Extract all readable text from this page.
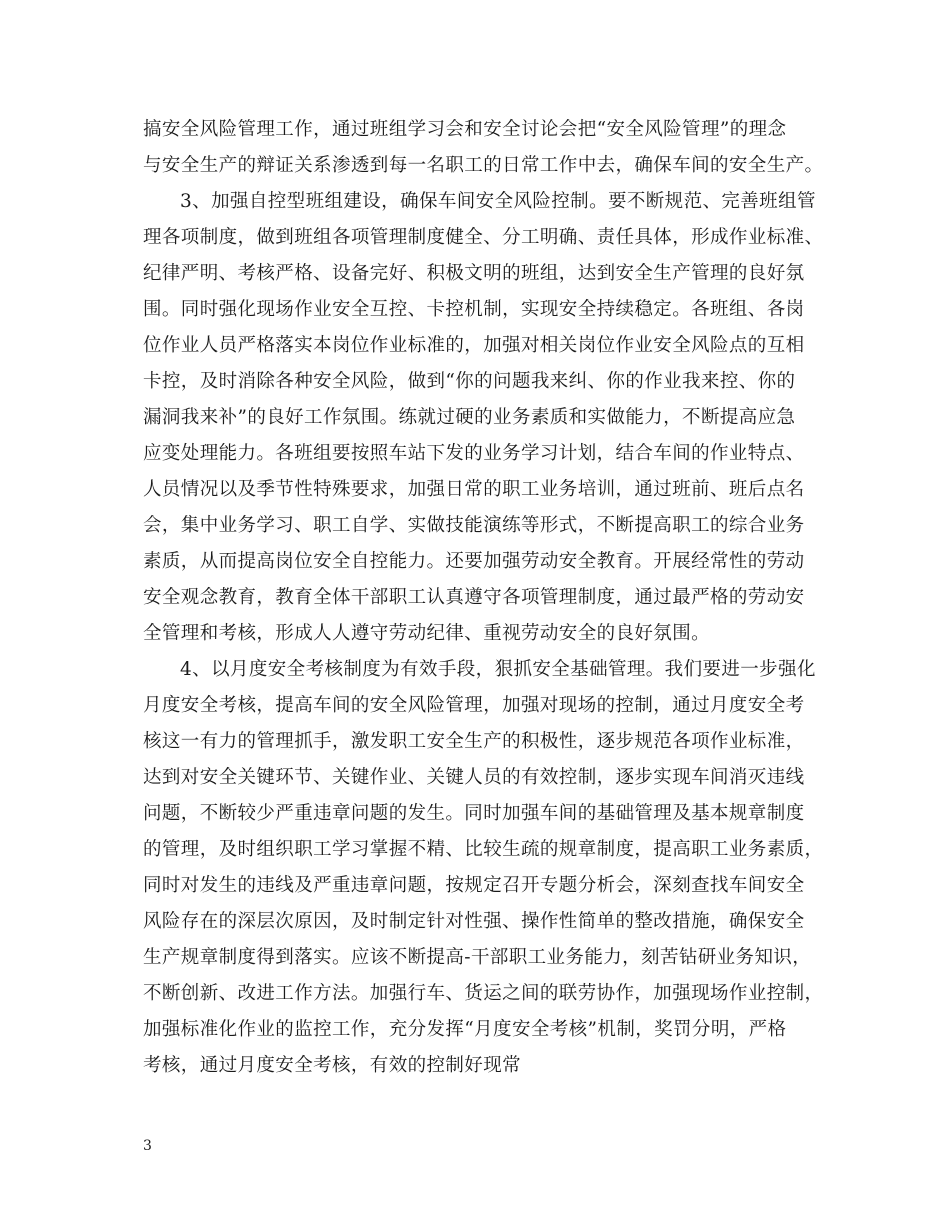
搞安全风险管理工作，通过班组学习会和安全讨论会把“安全风险管理”的理念
与安全生产的辩证关系渗透到每一名职工的日常工作中去，确保车间的安全生产。
3、加强自控型班组建设，确保车间安全风险控制。要不断规范、完善班组管
理各项制度，做到班组各项管理制度健全、分工明确、责任具体，形成作业标准、
纪律严明、考核严格、设备完好、积极文明的班组，达到安全生产管理的良好氛
围。同时强化现场作业安全互控、卡控机制，实现安全持续稳定。各班组、各岗
位作业人员严格落实本岗位作业标准的，加强对相关岗位作业安全风险点的互相
卡控，及时消除各种安全风险，做到“你的问题我来纠、你的作业我来控、你的
漏洞我来补”的良好工作氛围。练就过硬的业务素质和实做能力，不断提高应急
应变处理能力。各班组要按照车站下发的业务学习计划，结合车间的作业特点、
人员情况以及季节性特殊要求，加强日常的职工业务培训，通过班前、班后点名
会，集中业务学习、职工自学、实做技能演练等形式，不断提高职工的综合业务
素质，从而提高岗位安全自控能力。还要加强劳动安全教育。开展经常性的劳动
安全观念教育，教育全体干部职工认真遵守各项管理制度，通过最严格的劳动安
全管理和考核，形成人人遵守劳动纪律、重视劳动安全的良好氛围。
4、以月度安全考核制度为有效手段，狠抓安全基础管理。我们要进一步强化
月度安全考核，提高车间的安全风险管理，加强对现场的控制，通过月度安全考
核这一有力的管理抓手，激发职工安全生产的积极性，逐步规范各项作业标准，
达到对安全关键环节、关键作业、关键人员的有效控制，逐步实现车间消灭违线
问题，不断较少严重违章问题的发生。同时加强车间的基础管理及基本规章制度
的管理，及时组织职工学习掌握不精、比较生疏的规章制度，提高职工业务素质，
同时对发生的违线及严重违章问题，按规定召开专题分析会，深刻查找车间安全
风险存在的深层次原因，及时制定针对性强、操作性简单的整改措施，确保安全
生产规章制度得到落实。应该不断提高-干部职工业务能力，刻苦钻研业务知识，
不断创新、改进工作方法。加强行车、货运之间的联劳协作，加强现场作业控制，
加强标准化作业的监控工作，充分发挥“月度安全考核”机制，奖罚分明，严格
考核，通过月度安全考核，有效的控制好现常
3
